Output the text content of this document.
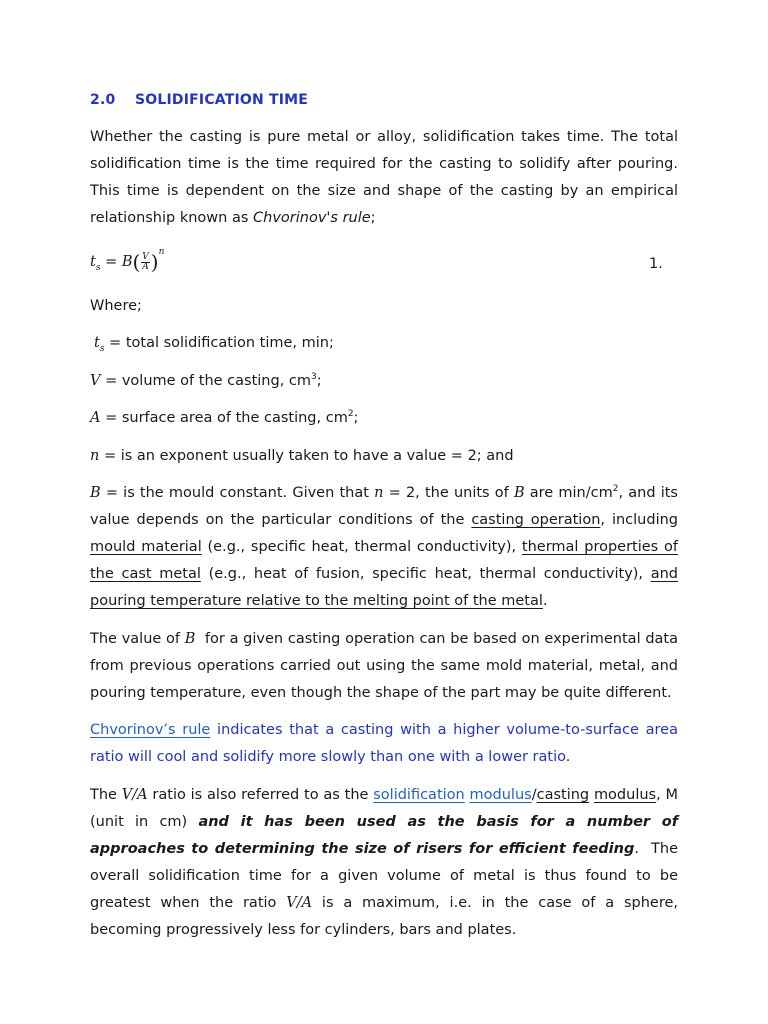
2.0 SOLIDIFICATION TIME

Whether the casting is pure metal or alloy, solidification takes time. The total solidification time is the time required for the casting to solidify after pouring. This time is dependent on the size and shape of the casting by an empirical relationship known as Chvorinov's rule;

$t_s = B( \frac{V}{A} )^n$
1.

Where;

$t_s$ = total solidification time, min;

V = volume of the casting, $cm^3$;

A = surface area of the casting, $cm^2$;

n = is an exponent usually taken to have a value = 2; and

B = is the mould constant. Given that n = 2, the units of B are $\min/cm^2$, and its value depends on the particular conditions of the casting operation, including mould material (e.g., specific heat, thermal conductivity), thermal properties of the cast metal (e.g., heat of fusion, specific heat, thermal conductivity), and pouring temperature relative to the melting point of the metal.

The value of B  for a given casting operation can be based on experimental data from previous operations carried out using the same mold material, metal, and pouring temperature, even though the shape of the part may be quite different.

Chvorinov’s rule indicates that a casting with a higher volume-to-surface area ratio will cool and solidify more slowly than one with a lower ratio.

The V/A ratio is also referred to as the solidification modulus/casting modulus, M (unit in cm) and it has been used as the basis for a number of approaches to determining the size of risers for efficient feeding.  The overall solidification time for a given volume of metal is thus found to be greatest when the ratio V/A is a maximum, i.e. in the case of a sphere, becoming progressively less for cylinders, bars and plates.
